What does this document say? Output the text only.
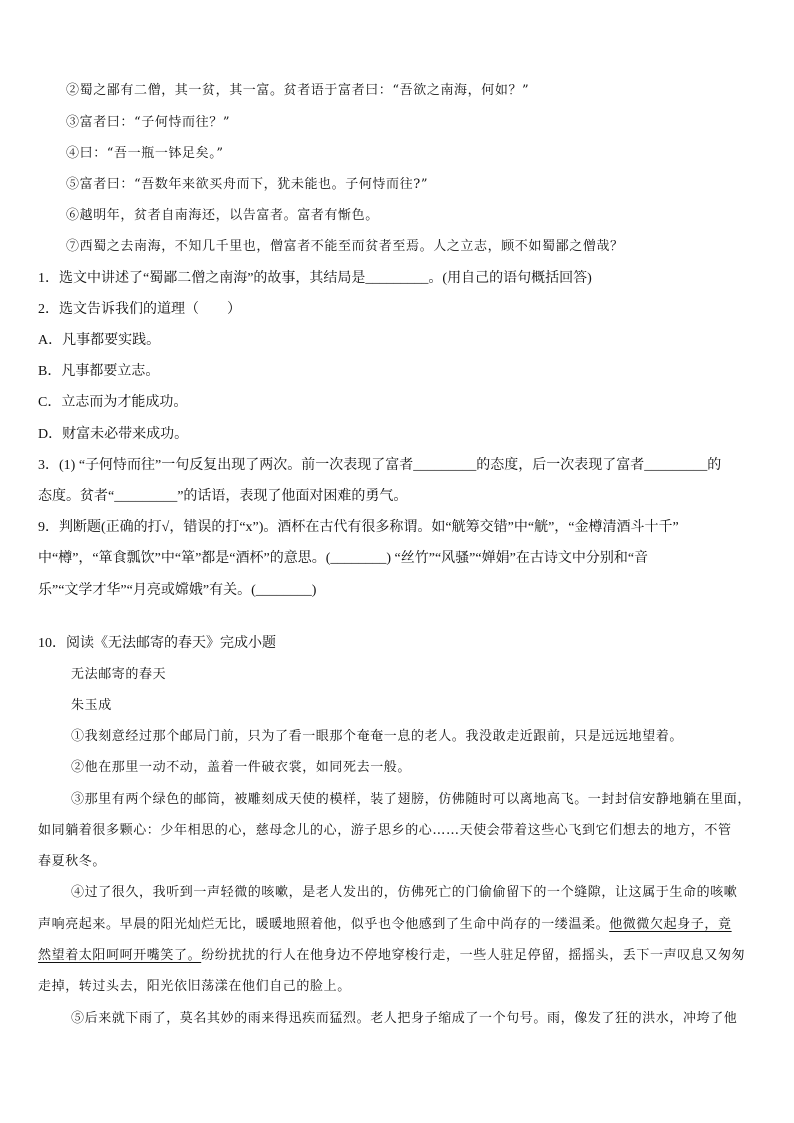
②蜀之鄙有二僧，其一贫，其一富。贫者语于富者曰：“吾欲之南海，何如？”
③富者曰：“子何恃而往？”
④曰：“吾一瓶一钵足矣。”
⑤富者曰：“吾数年来欲买舟而下，犹未能也。子何恃而往?”
⑥越明年，贫者自南海还，以告富者。富者有惭色。
⑦西蜀之去南海，不知几千里也，僧富者不能至而贫者至焉。人之立志，顾不如蜀鄙之僧哉？
1．选文中讲述了“蜀鄙二僧之南海”的故事，其结局是_________。(用自己的语句概括回答)
2．选文告诉我们的道理（　　）
A．凡事都要实践。
B．凡事都要立志。
C．立志而为才能成功。
D．财富未必带来成功。
3．(1) “子何恃而往”一句反复出现了两次。前一次表现了富者_________的态度，后一次表现了富者_________的
态度。贫者“_________”的话语，表现了他面对困难的勇气。
9．判断题(正确的打√，错误的打“x”)。酒杯在古代有很多称谓。如“觥筹交错”中“觥”，“金樽清酒斗十千”
中“樽”，“箪食瓢饮”中“箪”都是“酒杯”的意思。(________) “丝竹”“风骚”“婵娟”在古诗文中分别和“音
乐”“文学才华”“月亮或嫦娥”有关。(________)
10．阅读《无法邮寄的春天》完成小题
无法邮寄的春天
朱玉成
①我刻意经过那个邮局门前，只为了看一眼那个奄奄一息的老人。我没敢走近跟前，只是远远地望着。
②他在那里一动不动，盖着一件破衣裳，如同死去一般。
③那里有两个绿色的邮筒，被雕刻成天使的模样，装了翅膀，仿佛随时可以离地高飞。一封封信安静地躺在里面，
如同躺着很多颗心：少年相思的心，慈母念儿的心，游子思乡的心……天使会带着这些心飞到它们想去的地方，不管
春夏秋冬。
④过了很久，我听到一声轻微的咳嗽，是老人发出的，仿佛死亡的门偷偷留下的一个缝隙，让这属于生命的咳嗽
声响亮起来。早晨的阳光灿烂无比，暖暖地照着他，似乎也令他感到了生命中尚存的一缕温柔。他微微欠起身子，竟
然望着太阳呵呵开嘴笑了。纷纷扰扰的行人在他身边不停地穿梭行走，一些人驻足停留，摇摇头，丢下一声叹息又匆匆
走掉，转过头去，阳光依旧荡漾在他们自己的脸上。
⑤后来就下雨了，莫名其妙的雨来得迅疾而猛烈。老人把身子缩成了一个句号。雨，像发了狂的洪水，冲垮了他
